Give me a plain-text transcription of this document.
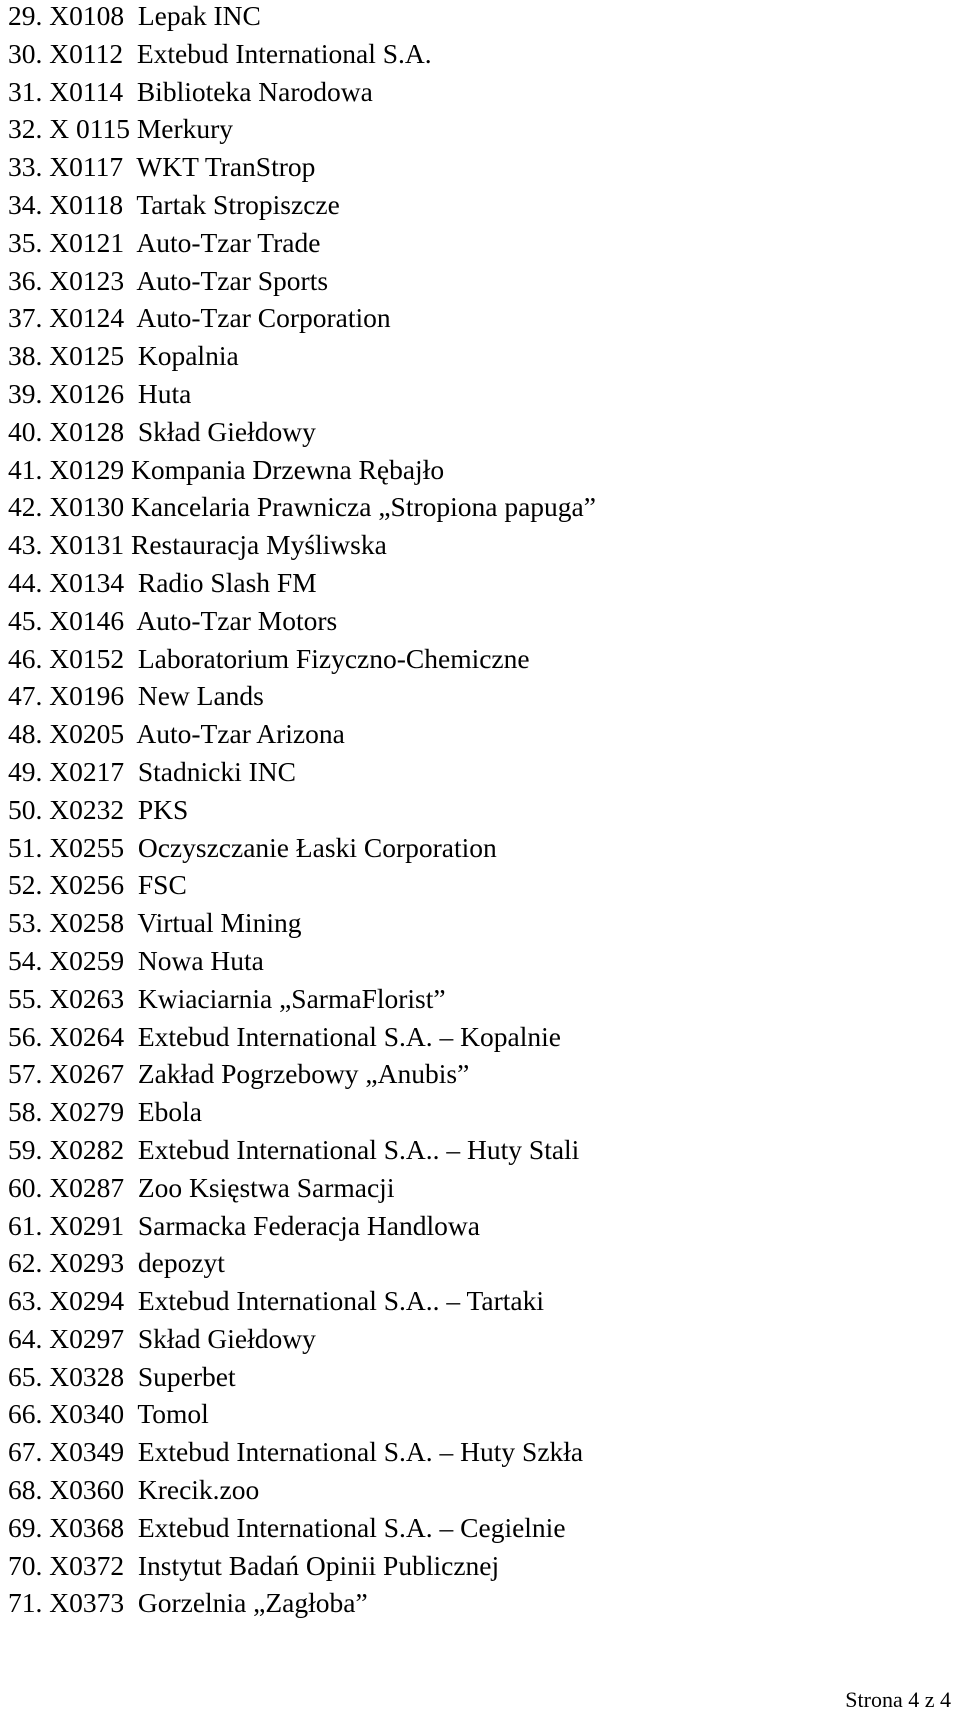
29. X0108  Lepak INC
30. X0112  Extebud International S.A.
31. X0114  Biblioteka Narodowa
32. X 0115 Merkury
33. X0117  WKT TranStrop
34. X0118  Tartak Stropiszcze
35. X0121  Auto-Tzar Trade
36. X0123  Auto-Tzar Sports
37. X0124  Auto-Tzar Corporation
38. X0125  Kopalnia
39. X0126  Huta
40. X0128  Skład Giełdowy
41. X0129 Kompania Drzewna Rębajło
42. X0130 Kancelaria Prawnicza „Stropiona papuga”
43. X0131 Restauracja Myśliwska
44. X0134  Radio Slash FM
45. X0146  Auto-Tzar Motors
46. X0152  Laboratorium Fizyczno-Chemiczne
47. X0196  New Lands
48. X0205  Auto-Tzar Arizona
49. X0217  Stadnicki INC
50. X0232  PKS
51. X0255  Oczyszczanie Łaski Corporation
52. X0256  FSC
53. X0258  Virtual Mining
54. X0259  Nowa Huta
55. X0263  Kwiaciarnia „SarmaFlorist”
56. X0264  Extebud International S.A. – Kopalnie
57. X0267  Zakład Pogrzebowy „Anubis”
58. X0279  Ebola
59. X0282  Extebud International S.A.. – Huty Stali
60. X0287  Zoo Księstwa Sarmacji
61. X0291  Sarmacka Federacja Handlowa
62. X0293  depozyt
63. X0294  Extebud International S.A.. – Tartaki
64. X0297  Skład Giełdowy
65. X0328  Superbet
66. X0340  Tomol
67. X0349  Extebud International S.A. – Huty Szkła
68. X0360  Krecik.zoo
69. X0368  Extebud International S.A. – Cegielnie
70. X0372  Instytut Badań Opinii Publicznej
71. X0373  Gorzelnia „Zagłoba”
Strona 4 z 4
